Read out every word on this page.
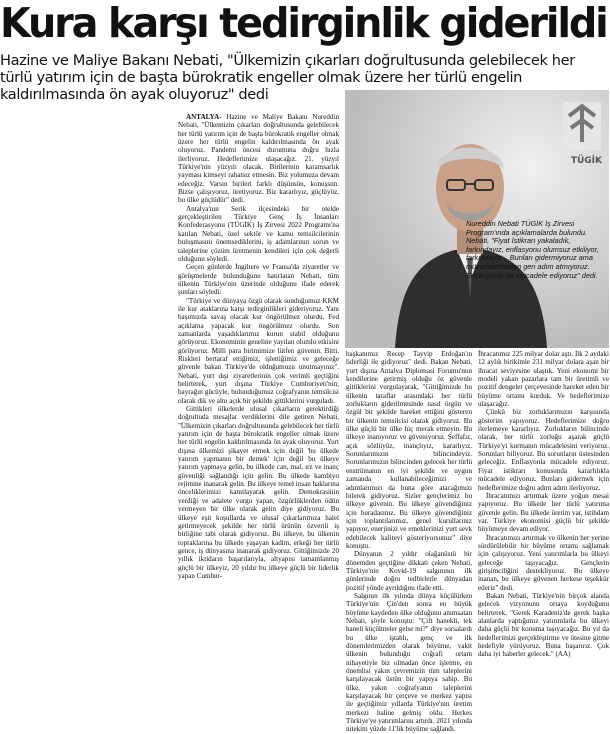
Kura karşı tedirginlik giderildi
Hazine ve Maliye Bakanı Nebati, "Ülkemizin çıkarları doğrultusunda gelebilecek her türlü yatırım için de başta bürokratik engeller olmak üzere her türlü engelin kaldırılmasında ön ayak oluyoruz" dedi

ANTALYA- Hazine ve Maliye Bakanı Nureddin Nebati, "Ülkemizin çıkarları doğrultusunda gelebilecek her türlü yatırım için de başta bürokratik engeller olmak üzere her türlü engelin kaldırılmasında ön ayak oluyoruz. Pandemi öncesi durumuna doğru hızla ilerliyoruz. Hedeflerimize ulaşacağız. 21. yüzyıl Türkiye'nin yüzyılı olacak. Birilerinin karamsarlık yayması kimseyi rahatsız etmesin. Biz yolumuza devam edeceğiz. Varsın birileri farklı düşünsün, konuşsun. Bizse çalışıyoruz, üretiyoruz. Biz kararlıyız, güçlüyüz, bu ülke güçlüdür" dedi.

Antalya'nın Serik ilçesindeki bir otelde gerçekleştirilen Türkiye Genç İş İnsanları Konfederasyonu (TÜGİK) İş Zirvesi 2022 Programı'na katılan Nebati, özel sektör ve kamu temsilcilerinin buluşmasını önemsediklerini, iş adamlarının sorun ve taleplerine çözüm üretmenin kendileri için çok değerli olduğunu söyledi.

Geçen günlerde İngiltere ve Fransa'da ziyaretler ve görüşmelerde bulunduğunu hatırlatan Nebati, tüm ülkenin Türkiye'nin üzerinde olduğunu ifade ederek şunları söyledi:

"Türkiye ve dünyaya özgü olarak sunduğumuz KKM ile kur ataklarına karşı tedirginlikleri gideriyoruz. Yanı başımızda savaş olacak kur öngörülmez olurdu, Fed açıklama yapacak kur öngörülmez olurdu. Son zamanlarda yaşadıklarımız kurun stabil olduğunu görüyoruz. Ekonominin geneline yayılan olumlu etkisini görüyoruz. Milli para birimimize lütfen güvenin. Bitti. Riskleri bertaraf ettiğimiz, işlettiğimiz ve geleceğe güvenle bakan Türkiye'de olduğumuzu unutmayınız". Nebati, yurt dışı ziyaretlerinin çok verimli geçtiğini belirterek, yurt dışına Türkiye Cumhuriyeti'nin, bayrağın gücüyle, bulunduğumuz coğrafyanın temsilcisi olarak dik ve alnı açık bir şekilde gittiklerini vurguladı.

Gittikleri ülkelerde ulusal çıkarların gerektirdiği doğrultuda mesajlar verdiklerini dile getiren Nebati, "Ülkemizin çıkarları doğrultusunda gelebilecek her türlü yatırım için de başta bürokratik engeller olmak üzere her türlü engelin kaldırılmasında ön ayak oluyoruz. Yurt dışına ülkemizi şikayet etmek için değil 'bu ülkede yatırım yapmanın bir demek' için değil bu ülkeye yatırım yapmaya gelin, bu ülkede can, mal, ırz ve inanç güvenliği sağlandığı için gelin. Bu ülkede kambiyo rejimine inanarak gelin. Bu ülkeye temel insan haklarına önceliklerimizi kanıtlayarak gelin. Demokrasinin verdiği ve adalete vurgu yapan, özgürlüklerden ödün vermeyen bir ülke olarak gelin diye gidiyoruz. Bu ülkeye eşit koşullarda ve ulusal çıkarlarımıza halel getirmeyecek şekilde her türlü ürünün özverili iş birliğine tabi olarak gidiyoruz. Bu ülkeye, bu ülkenin topraklarına bu ülkede yaşayan kadim, erkeği her türlü gence, iş dünyasına inanarak gidiyoruz. Gittiğimizde 20 yıllık iktidarın başarılarıyla, altyapısı tamamlanmış güçlü bir ülkeyiz, 20 yıldır bu ülkeye güçlü bir liderlik yapan Cumhur-

TÜGİK
Nureddin Nebati TÜGİK İş Zirvesi Program'ında açıklamalarda bulundu. Nebati, "Fiyat İstikrarı yakaladık, farkındayız, enflasyonu olumsuz etkiliyor, farkındayız... Bunları gidermiyoruz ama mücadelemizden geri adım atmıyoruz. Enflasyonla da mücadele ediyoruz" dedi.

başkanımız Recep Tayyip Erdoğan'ın liderliği ile gidiyoruz" dedi. Bakan Nebati, yurt dışına Antalya Diplomasi Forumu'nun kendilerine getirmiş olduğu öz güvenle gittiklerini vurgulayarak, "Gittiğimizde bu ülkenin taraflar arasındaki her türlü zorlukların giderilmesinde nasıl örgün ve özgül bir şekilde hareket ettiğini gösteren bir ülkenin temsilcisi olarak gidiyoruz. Bu ülke güçlü bir ülke hiç merak etmeyin. Bu ülkeye inanıyoruz ve güveniyoruz. Şeffafız, açık sözlüyüz, inançlıyız, kararlıyız. Sorunlarımızın bilincindeyiz. Sorunlarımızın bilincinden gelecek her türlü enstrümanın en iyi şekilde ve uygun zamanda kullanabileceğimizi ve adımlarımızı da buna göre atacağımızı bilerek gidiyoruz. Sizler gençlerimiz bu ülkeye güvenin. Bu ülkeye güvendiğiniz için buradasınız. Bu ülkeye güvendiğiniz için toplantılarımız, genel kurullarınız yapıyor, enerjinizi ve emeklerinizi yurt sevk edebilecek kaliteyi gösteriyorsunuz" diye konuştu.

Dünyanın 2 yıldır olağanüstü bir dönemden geçtiğine dikkati çeken Nebati, Türkiye'nin Kovid-19 salgınının ilk günlerinde doğru tedbirlerle dünyadan pozitif yönde ayrıldığını ifade etti.

Salgının ilk yılında dünya küçülürken Türkiye'nin Çin'den sonra en büyük büyüme kaydeden ülke olduğunu anımsatan Nebati, şöyle konuştu: "Çift hanekli, tek haneli küçülmeler gelse mi?" diye sorsalardı bu ülke iştahlı, genç ve ilk dönemlerimizden olarak büyüme, vakit ülkenin bulunduğu coğrafi ortam nihayetiyle biz olmadan önce işletme, en önemlisi yakın çevremizin tüm taleplerini karşılayacak üstün bir yapıya sahip. Bu ülke, yakın coğrafyanın taleplerini karşılayacak bir çerçeve ve merkez yapısı ile geçtiğimiz yıllarda Türkiye'nin üretim merkezi haline gelmiş oldu. Herkes Türkiye'ye yatırımlarını artırdı. 2021 yılında nitekim yüzde 11'lik büyüme sağlandı.

İhracatımız 225 milyar dolar aştı. İlk 2 aydaki 12 aylık birikimle 231 milyar dolara aşan bir ihracat seviyesine ulaştık. Yeni ekonomi bir modeli yakan pazarlara tam bir üretimli ve pozitif dengeler çerçevesinde hareket eden bir büyüme ortamı kurduk. Ve hedeflerimize ulaşacağız.

Çünkü biz zorluklarımızın karşısında gösterim yapıyoruz. Hedeflerimize doğru ilerlemeye kararlıyız. Zorlukların bilincinde olarak, her türlü zorluğu aşarak güçlü Türkiye'yi kurmanın mücadelesini veriyoruz. Sorunları biliyoruz. Bu sorunların üstesinden geleceğiz. Enflasyonla mücadele ediyoruz. Fiyat istikrarı konusunda kararlılıkla mücadele ediyoruz. Bunları gidermek için hedeflerimize doğru adım adım ilerliyoruz.

İhracatımızı artırmak üzere yoğun mesai yapıyoruz. Bu ülkede her türlü yatırıma güvenle gelin. Bu ülkede üretim var, istihdam var. Türkiye ekonomisi güçlü bir şekilde büyümeye devam ediyor.

İhracatımızı artırmak ve ülkenin her yerine sürdürülebilir bir büyüme ortamı sağlamak için çalışıyoruz. Yeni yatırımlarla bu ülkeyi geleceğe taşıyacağız. Gençlerin girişimciliğini destekliyoruz. Bu ülkeye inanan, bu ülkeye güvenen herkese teşekkür ederiz" dedi.

Bakan Nebati, Türkiye'nin birçok alanda gelecek vizyonunu ortaya koyduğunu belirterek, "Gerek Karadeniz'de gerek başka alanlarda yaptığımız yatırımlarla bu ülkeyi daha güçlü bir konuma taşıyacağız. Bu yıl da hedeflerimizi gerçekleştirme ve ötesine gitme hedefiyle yürüyoruz. Buna başarırız. Çok daha iyi haberler gelecek." (AA)
